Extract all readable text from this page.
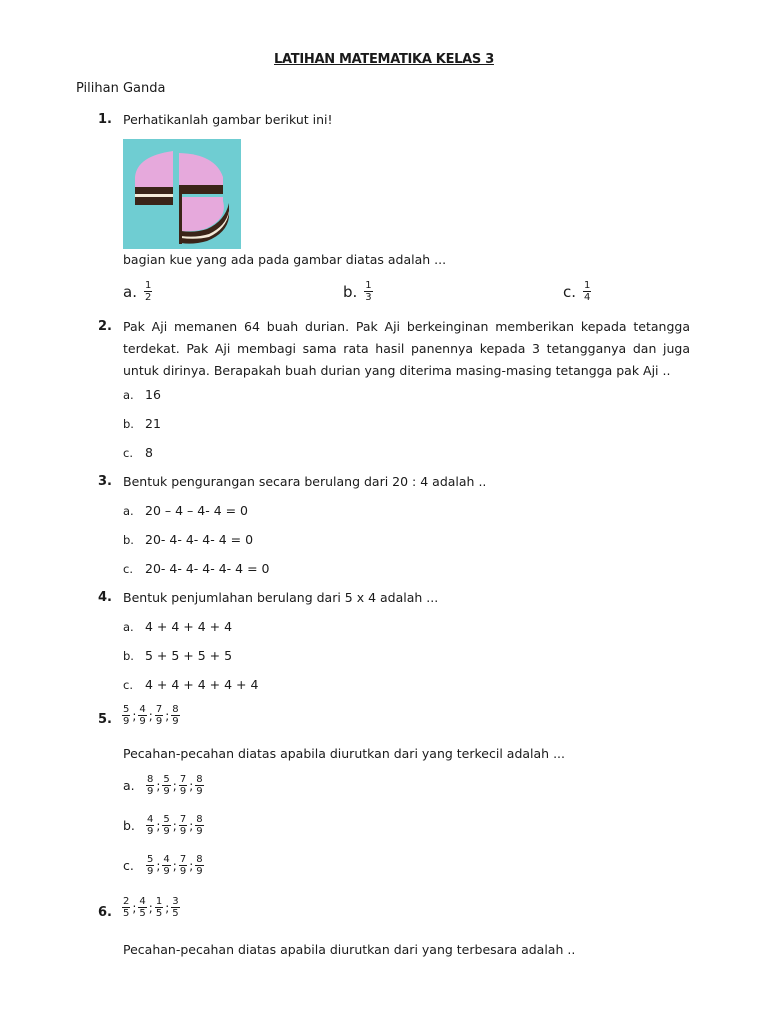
LATIHAN MATEMATIKA KELAS 3
Pilihan Ganda
1. Perhatikanlah gambar berikut ini!
bagian kue yang ada pada gambar diatas adalah ...
a. $\frac{1}{2}$	b. $\frac{1}{3}$	c. $\frac{1}{4}$
2. Pak Aji memanen 64 buah durian. Pak Aji berkeinginan memberikan kepada tetangga terdekat. Pak Aji membagi sama rata hasil panennya kepada 3 tetangganya dan juga untuk dirinya. Berapakah buah durian yang diterima masing-masing tetangga pak Aji ..
a. 16
b. 21
c. 8
3. Bentuk pengurangan secara berulang dari 20 : 4 adalah ..
a. 20 – 4 – 4- 4 = 0
b. 20- 4- 4- 4- 4 = 0
c. 20- 4- 4- 4- 4- 4 = 0
4. Bentuk penjumlahan berulang dari 5 x 4 adalah ...
a. 4 + 4 + 4 + 4
b. 5 + 5 + 5 + 5
c. 4 + 4 + 4 + 4 + 4
5. $\frac{5}{9}$ ; $\frac{4}{9}$ ; $\frac{7}{9}$ ; $\frac{8}{9}$
Pecahan-pecahan diatas apabila diurutkan dari yang terkecil adalah ...
a.	$\frac{8}{9}$ ; $\frac{5}{9}$ ; $\frac{7}{9}$ ; $\frac{8}{9}$
b.	$\frac{4}{9}$ ; $\frac{5}{9}$ ; $\frac{7}{9}$ ; $\frac{8}{9}$
c.	$\frac{5}{9}$ ; $\frac{4}{9}$ ; $\frac{7}{9}$ ; $\frac{8}{9}$
6. $\frac{2}{5}$ ; $\frac{4}{5}$ ; $\frac{1}{5}$ ; $\frac{3}{5}$
Pecahan-pecahan diatas apabila diurutkan dari yang terbesara adalah ..
